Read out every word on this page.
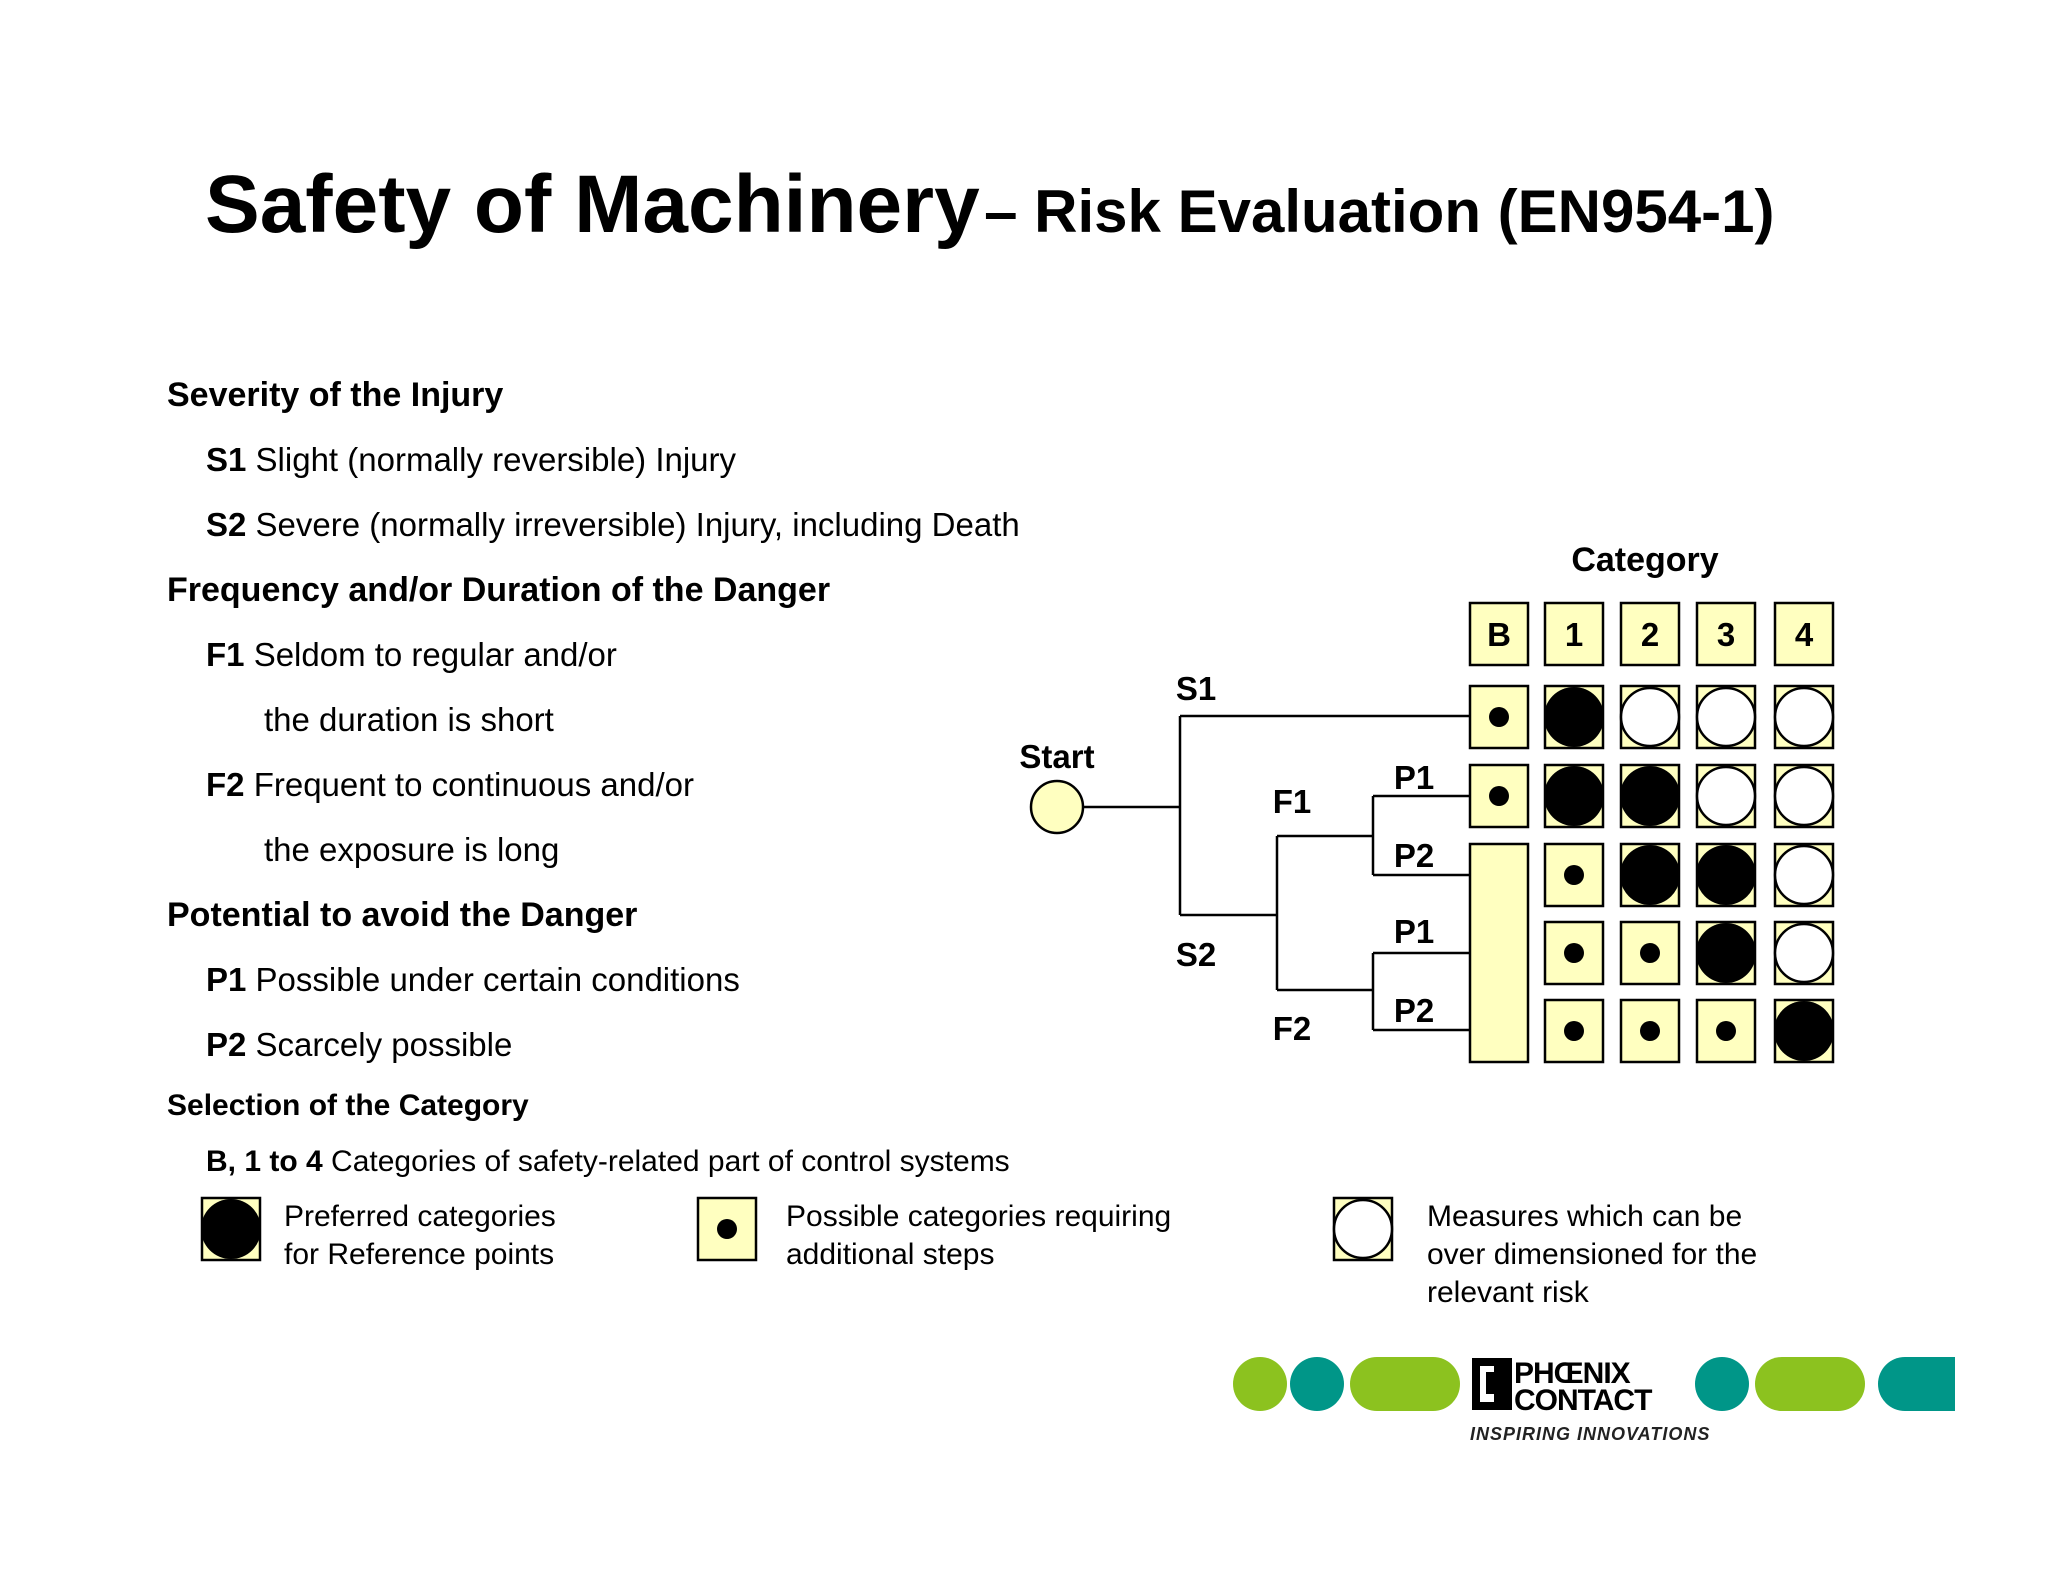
Safety of Machinery – Risk Evaluation (EN954-1)
Severity of the Injury
S1 Slight (normally reversible) Injury
S2 Severe (normally irreversible) Injury, including Death
Frequency and/or Duration of the Danger
F1 Seldom to regular and/or
the duration is short
F2 Frequent to continuous and/or
the exposure is long
Potential to avoid the Danger
P1 Possible under certain conditions
P2 Scarcely possible
Selection of the Category
B, 1 to 4 Categories of safety-related part of control systems
Start
S1
S2
F1
F2
P1
P2
P1
P2
Category
B 1 2 3 4
Preferred categories
for Reference points
Possible categories requiring
additional steps
Measures which can be
over dimensioned for the
relevant risk
PHŒNIX
CONTACT
INSPIRING INNOVATIONS
